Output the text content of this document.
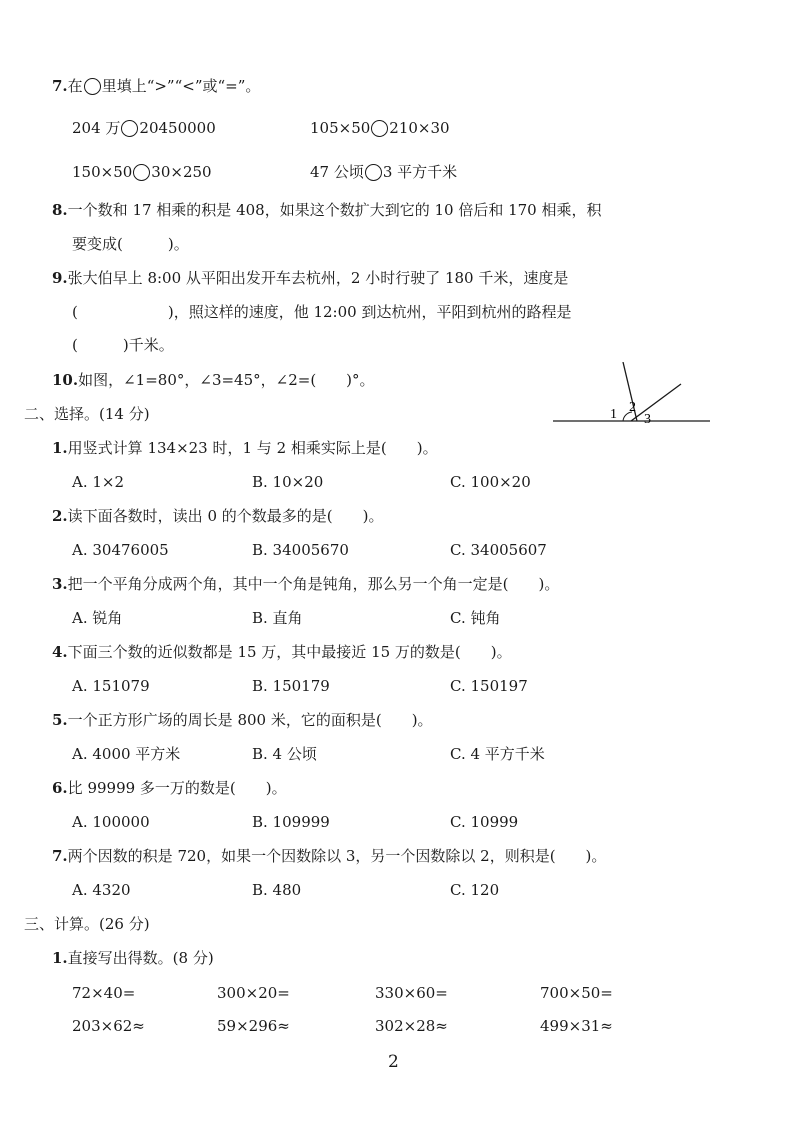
7.在 里填上“>”“<”或“=”。
204 万 20450000	105×50 210×30
150×50 30×250	47 公顷 3 平方千米
8.一个数和 17 相乘的积是 408，如果这个数扩大到它的 10 倍后和 170 相乘，积
要变成(　　　)。
9.张大伯早上 8:00 从平阳出发开车去杭州，2 小时行驶了 180 千米，速度是
(　　　　　　)，照这样的速度，他 12:00 到达杭州，平阳到杭州的路程是
(　　　)千米。
10.如图，∠1=80°，∠3=45°，∠2=(　　)°。
1 2
3
二、选择。(14 分)
1.用竖式计算 134×23 时，1 与 2 相乘实际上是(　　)。
A. 1×2	B. 10×20	C. 100×20
2.读下面各数时，读出 0 的个数最多的是(　　)。
A. 30476005	B. 34005670	C. 34005607
3.把一个平角分成两个角，其中一个角是钝角，那么另一个角一定是(　　)。
A. 锐角	B. 直角	C. 钝角
4.下面三个数的近似数都是 15 万，其中最接近 15 万的数是(　　)。
A. 151079	B. 150179	C. 150197
5.一个正方形广场的周长是 800 米，它的面积是(　　)。
A. 4000 平方米	B. 4 公顷	C. 4 平方千米
6.比 99999 多一万的数是(　　)。
A. 100000	B. 109999	C. 10999
7.两个因数的积是 720，如果一个因数除以 3，另一个因数除以 2，则积是(　　)。
A. 4320	B. 480	C. 120
三、计算。(26 分)
1.直接写出得数。(8 分)
72×40=	300×20=	330×60=	700×50=
203×62≈	59×296≈	302×28≈	499×31≈
2
